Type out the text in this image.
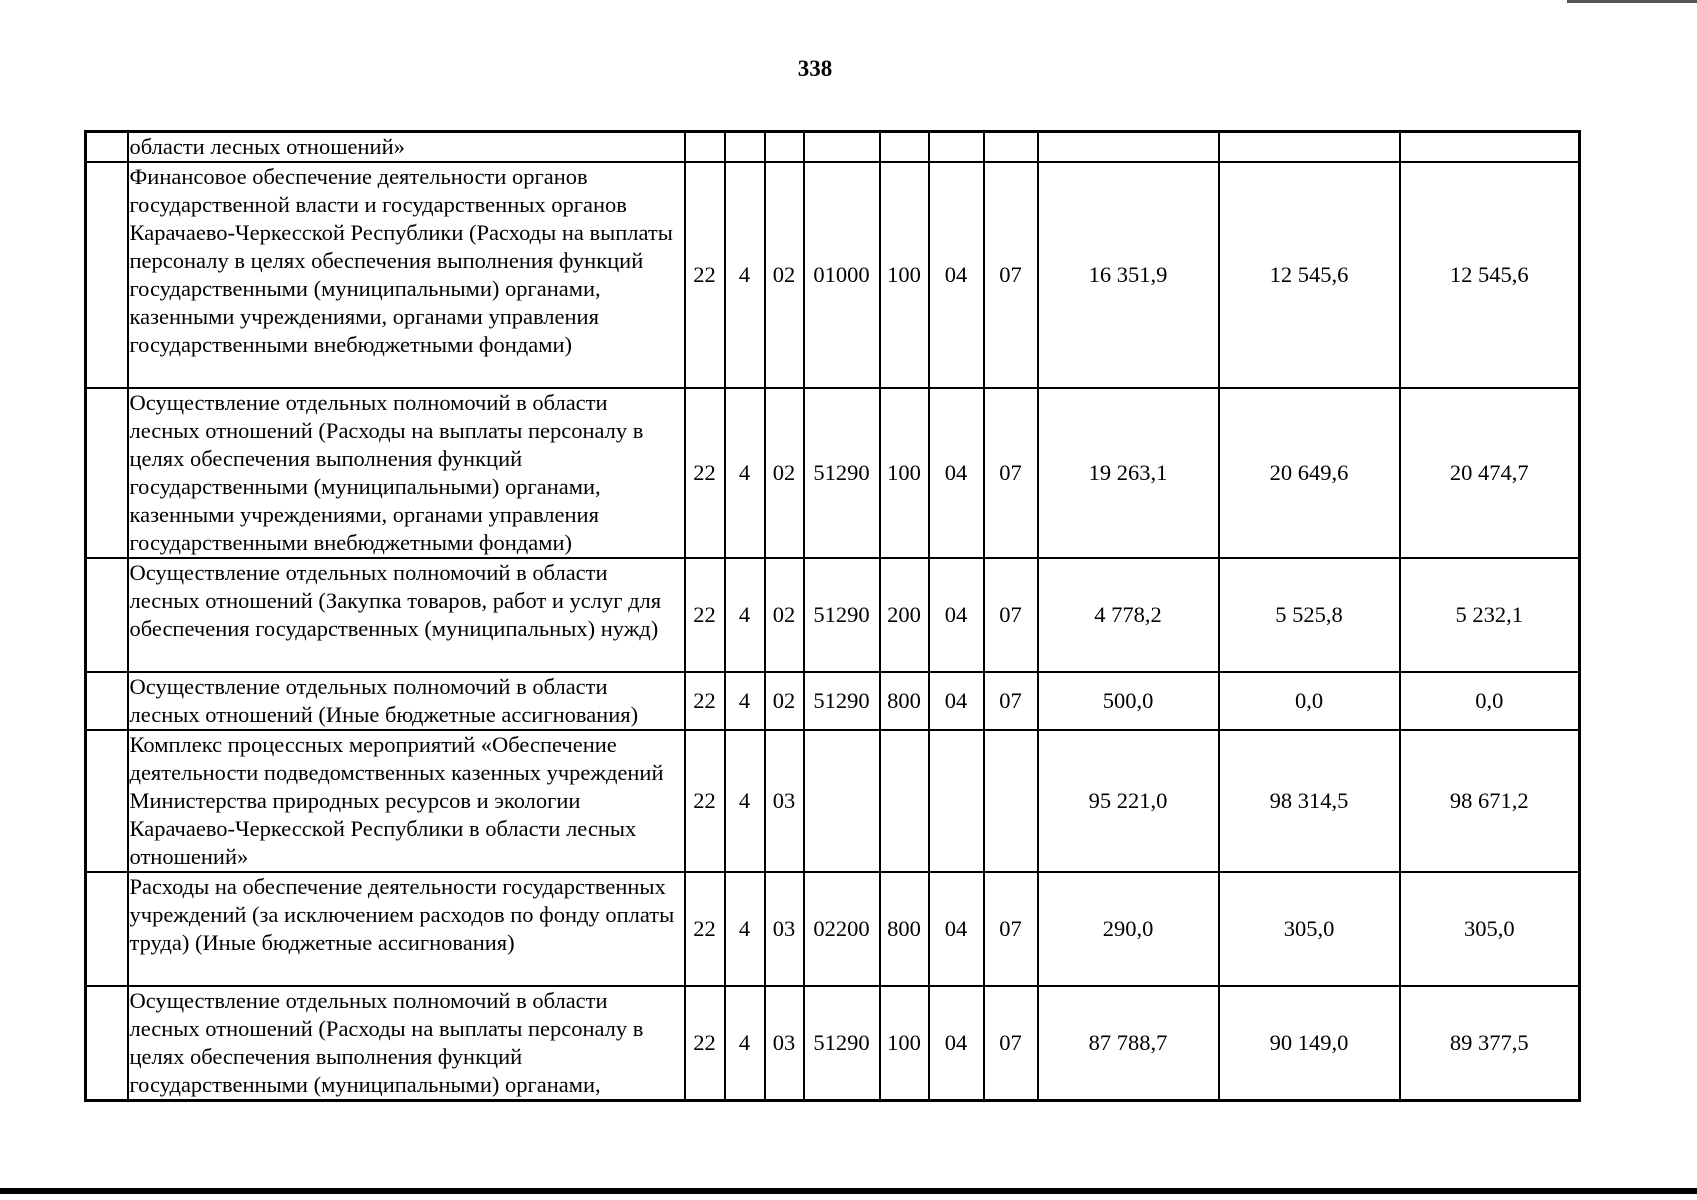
338
	области лесных отношений»										
	Финансовое обеспечение деятельности органов государственной власти и государственных органов Карачаево-Черкесской Республики (Расходы на выплаты персоналу в целях обеспечения выполнения функций государственными (муниципальными) органами, казенными учреждениями, органами управления государственными внебюджетными фондами)	22	4	02	01000	100	04	07	16 351,9	12 545,6	12 545,6
	Осуществление отдельных полномочий в области лесных отношений (Расходы на выплаты персоналу в целях обеспечения выполнения функций государственными (муниципальными) органами, казенными учреждениями, органами управления государственными внебюджетными фондами)	22	4	02	51290	100	04	07	19 263,1	20 649,6	20 474,7
	Осуществление отдельных полномочий в области лесных отношений (Закупка товаров, работ и услуг для обеспечения государственных (муниципальных) нужд)	22	4	02	51290	200	04	07	4 778,2	5 525,8	5 232,1
	Осуществление отдельных полномочий в области лесных отношений (Иные бюджетные ассигнования)	22	4	02	51290	800	04	07	500,0	0,0	0,0
	Комплекс процессных мероприятий «Обеспечение деятельности подведомственных казенных учреждений Министерства природных ресурсов и экологии Карачаево-Черкесской Республики в области лесных отношений»	22	4	03					95 221,0	98 314,5	98 671,2
	Расходы на обеспечение деятельности государственных учреждений (за исключением расходов по фонду оплаты труда) (Иные бюджетные ассигнования)	22	4	03	02200	800	04	07	290,0	305,0	305,0
	Осуществление отдельных полномочий в области лесных отношений (Расходы на выплаты персоналу в целях обеспечения выполнения функций государственными (муниципальными) органами,	22	4	03	51290	100	04	07	87 788,7	90 149,0	89 377,5
